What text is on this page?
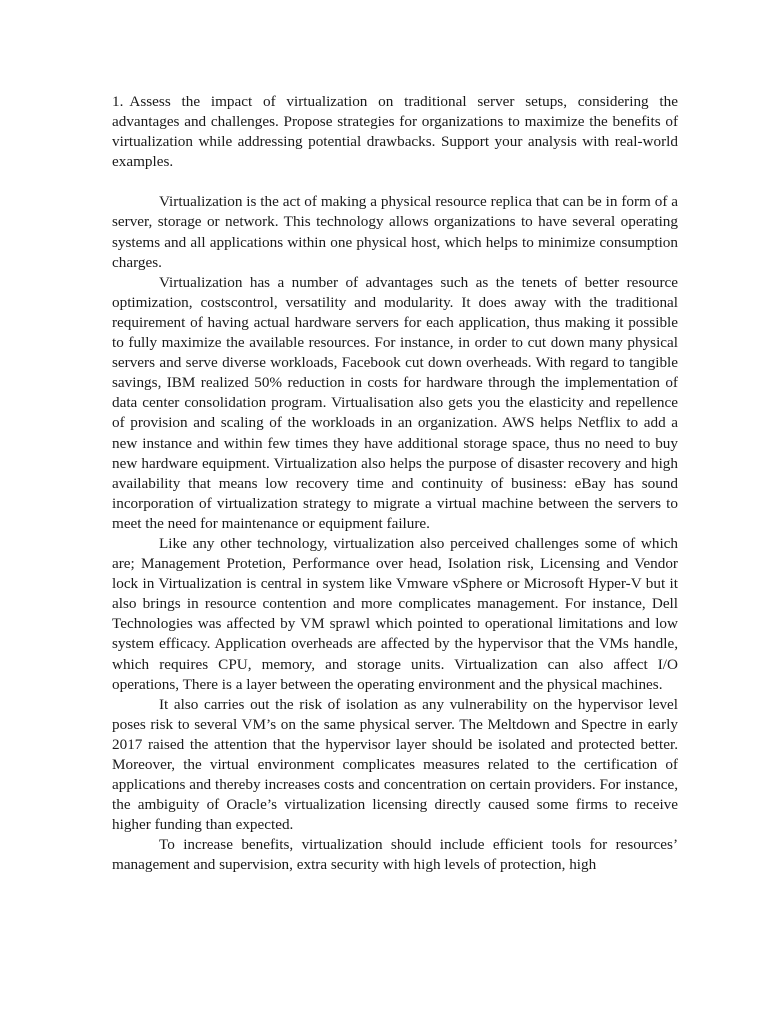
1. Assess the impact of virtualization on traditional server setups, considering the advantages and challenges. Propose strategies for organizations to maximize the benefits of virtualization while addressing potential drawbacks. Support your analysis with real-world examples.

Virtualization is the act of making a physical resource replica that can be in form of a server, storage or network. This technology allows organizations to have several operating systems and all applications within one physical host, which helps to minimize consumption charges.

Virtualization has a number of advantages such as the tenets of better resource optimization, costscontrol, versatility and modularity. It does away with the traditional requirement of having actual hardware servers for each application, thus making it possible to fully maximize the available resources. For instance, in order to cut down many physical servers and serve diverse workloads, Facebook cut down overheads. With regard to tangible savings, IBM realized 50% reduction in costs for hardware through the implementation of data center consolidation program. Virtualisation also gets you the elasticity and repellence of provision and scaling of the workloads in an organization. AWS helps Netflix to add a new instance and within few times they have additional storage space, thus no need to buy new hardware equipment. Virtualization also helps the purpose of disaster recovery and high availability that means low recovery time and continuity of business: eBay has sound incorporation of virtualization strategy to migrate a virtual machine between the servers to meet the need for maintenance or equipment failure.

Like any other technology, virtualization also perceived challenges some of which are; Management Protetion, Performance over head, Isolation risk, Licensing and Vendor lock in Virtualization is central in system like Vmware vSphere or Microsoft Hyper-V but it also brings in resource contention and more complicates management. For instance, Dell Technologies was affected by VM sprawl which pointed to operational limitations and low system efficacy. Application overheads are affected by the hypervisor that the VMs handle, which requires CPU, memory, and storage units. Virtualization can also affect I/O operations, There is a layer between the operating environment and the physical machines.

It also carries out the risk of isolation as any vulnerability on the hypervisor level poses risk to several VM’s on the same physical server. The Meltdown and Spectre in early 2017 raised the attention that the hypervisor layer should be isolated and protected better. Moreover, the virtual environment complicates measures related to the certification of applications and thereby increases costs and concentration on certain providers. For instance, the ambiguity of Oracle’s virtualization licensing directly caused some firms to receive higher funding than expected.

To increase benefits, virtualization should include efficient tools for resources’ management and supervision, extra security with high levels of protection, high
